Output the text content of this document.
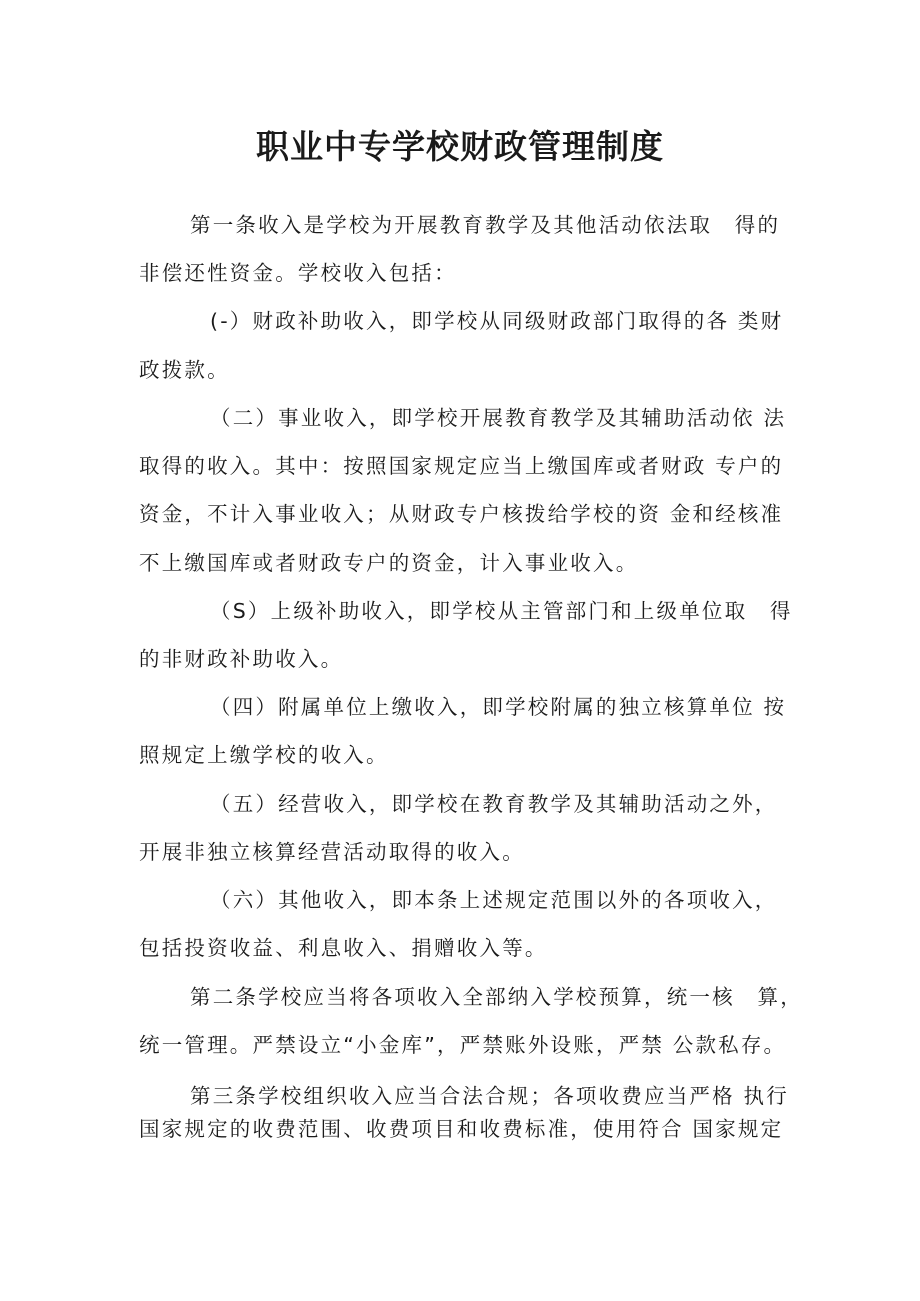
职业中专学校财政管理制度

第一条收入是学校为开展教育教学及其他活动依法取　得的

非偿还性资金。学校收入包括：

(-）财政补助收入，即学校从同级财政部门取得的各 类财

政拨款。

（二）事业收入，即学校开展教育教学及其辅助活动依 法

取得的收入。其中：按照国家规定应当上缴国库或者财政 专户的

资金，不计入事业收入；从财政专户核拨给学校的资 金和经核准

不上缴国库或者财政专户的资金，计入事业收入。

（S）上级补助收入，即学校从主管部门和上级单位取　得

的非财政补助收入。

（四）附属单位上缴收入，即学校附属的独立核算单位 按

照规定上缴学校的收入。

（五）经营收入，即学校在教育教学及其辅助活动之外，

开展非独立核算经营活动取得的收入。

（六）其他收入，即本条上述规定范围以外的各项收入，

包括投资收益、利息收入、捐赠收入等。

第二条学校应当将各项收入全部纳入学校预算，统一核　算，

统一管理。严禁设立“小金库”，严禁账外设账，严禁 公款私存。

第三条学校组织收入应当合法合规；各项收费应当严格 执行

国家规定的收费范围、收费项目和收费标准，使用符合 国家规定
